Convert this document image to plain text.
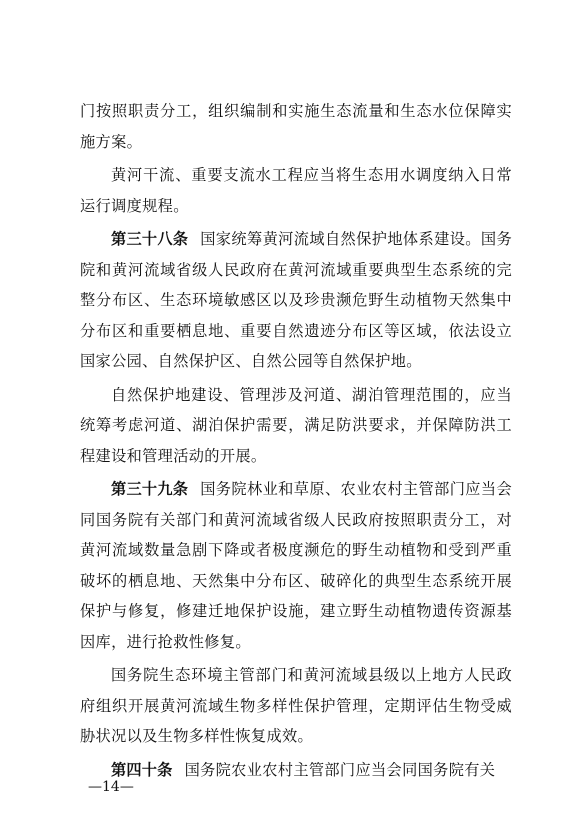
门按照职责分工，组织编制和实施生态流量和生态水位保障实施方案。

黄河干流、重要支流水工程应当将生态用水调度纳入日常运行调度规程。

第三十八条 国家统筹黄河流域自然保护地体系建设。国务院和黄河流域省级人民政府在黄河流域重要典型生态系统的完整分布区、生态环境敏感区以及珍贵濒危野生动植物天然集中分布区和重要栖息地、重要自然遗迹分布区等区域，依法设立国家公园、自然保护区、自然公园等自然保护地。

自然保护地建设、管理涉及河道、湖泊管理范围的，应当统筹考虑河道、湖泊保护需要，满足防洪要求，并保障防洪工程建设和管理活动的开展。

第三十九条 国务院林业和草原、农业农村主管部门应当会同国务院有关部门和黄河流域省级人民政府按照职责分工，对黄河流域数量急剧下降或者极度濒危的野生动植物和受到严重破坏的栖息地、天然集中分布区、破碎化的典型生态系统开展保护与修复，修建迁地保护设施，建立野生动植物遗传资源基因库，进行抢救性修复。

国务院生态环境主管部门和黄河流域县级以上地方人民政府组织开展黄河流域生物多样性保护管理，定期评估生物受威胁状况以及生物多样性恢复成效。

第四十条 国务院农业农村主管部门应当会同国务院有关

—14—
